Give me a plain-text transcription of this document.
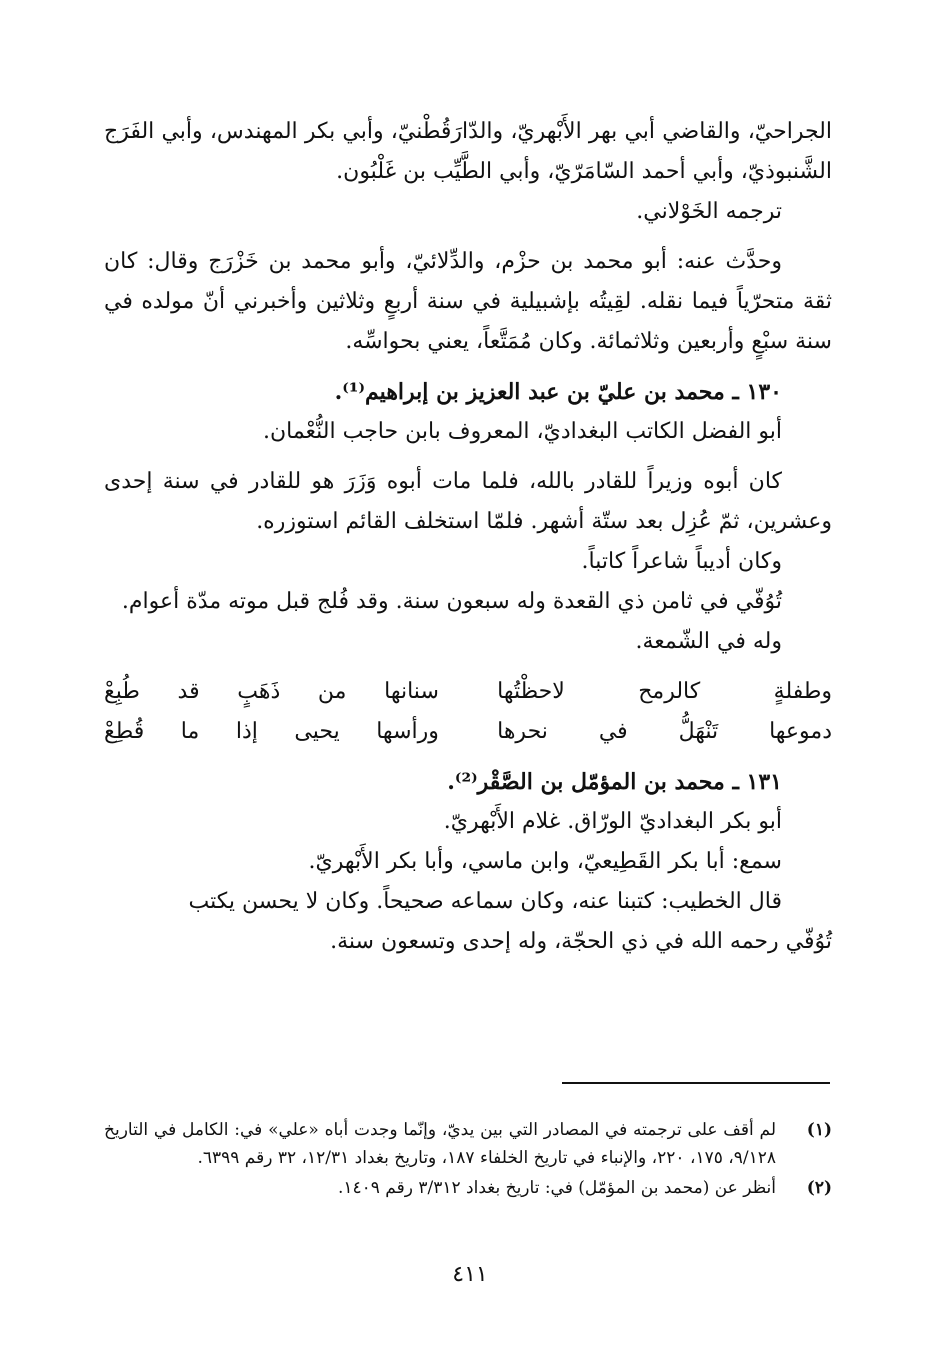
الجراحيّ، والقاضي أبي بهر الأَبْهريّ، والدّارَقُطْنيّ، وأبي بكر المهندس، وأبي الفَرَج الشَّنبوذيّ، وأبي أحمد السّامَرّيّ، وأبي الطَّيِّب بن غَلْبُون.

ترجمه الخَوْلاني.

وحدَّث عنه: أبو محمد بن حزْم، والدِّلائيّ، وأبو محمد بن خَزْرَج وقال: كان ثقة متحرّياً فيما نقله. لقِيتُه بإشبيلية في سنة أربعٍ وثلاثين وأخبرني أنّ مولده في سنة سبْعٍ وأربعين وثلاثمائة. وكان مُمَتَّعاً، يعني بحواسِّه.

١٣٠ ـ محمد بن عليّ بن عبد العزيز بن إبراهيم⁽¹⁾.

أبو الفضل الكاتب البغداديّ، المعروف بابن حاجب النُّعْمان.

كان أبوه وزيراً للقادر بالله، فلما مات أبوه وَزَرَ هو للقادر في سنة إحدى وعشرين، ثمّ عُزِل بعد ستّة أشهر. فلمّا استخلف القائم استوزره.

وكان أديباً شاعراً كاتباً.

تُوُفّي في ثامن ذي القعدة وله سبعون سنة. وقد فُلج قبل موته مدّة أعوام.

وله في الشّمعة.

وطفلةٍ كالرمح لاحظْتُها
سنانها من ذَهَبٍ قد طُبِعْ
دموعها تَنْهَلُّ في نحرها
ورأسها يحيى إذا ما قُطِعْ

١٣١ ـ محمد بن المؤمّل بن الصَّقْر⁽²⁾.

أبو بكر البغداديّ الورّاق. غلام الأَبْهريّ.

سمع: أبا بكر القَطِيعيّ، وابن ماسي، وأبا بكر الأَبْهريّ.

قال الخطيب: كتبنا عنه، وكان سماعه صحيحاً. وكان لا يحسن يكتب

تُوُفّي رحمه الله في ذي الحجّة، وله إحدى وتسعون سنة.

(١)
لم أقف على ترجمته في المصادر التي بين يديّ، وإنّما وجدت أباه «علي» في: الكامل في التاريخ ٩/١٢٨، ١٧٥، ٢٢٠، والإنباء في تاريخ الخلفاء ١٨٧، وتاريخ بغداد ١٢/٣١، ٣٢ رقم ٦٣٩٩.
(٢)
أنظر عن (محمد بن المؤمّل) في: تاريخ بغداد ٣/٣١٢ رقم ١٤٠٩.
٤١١
